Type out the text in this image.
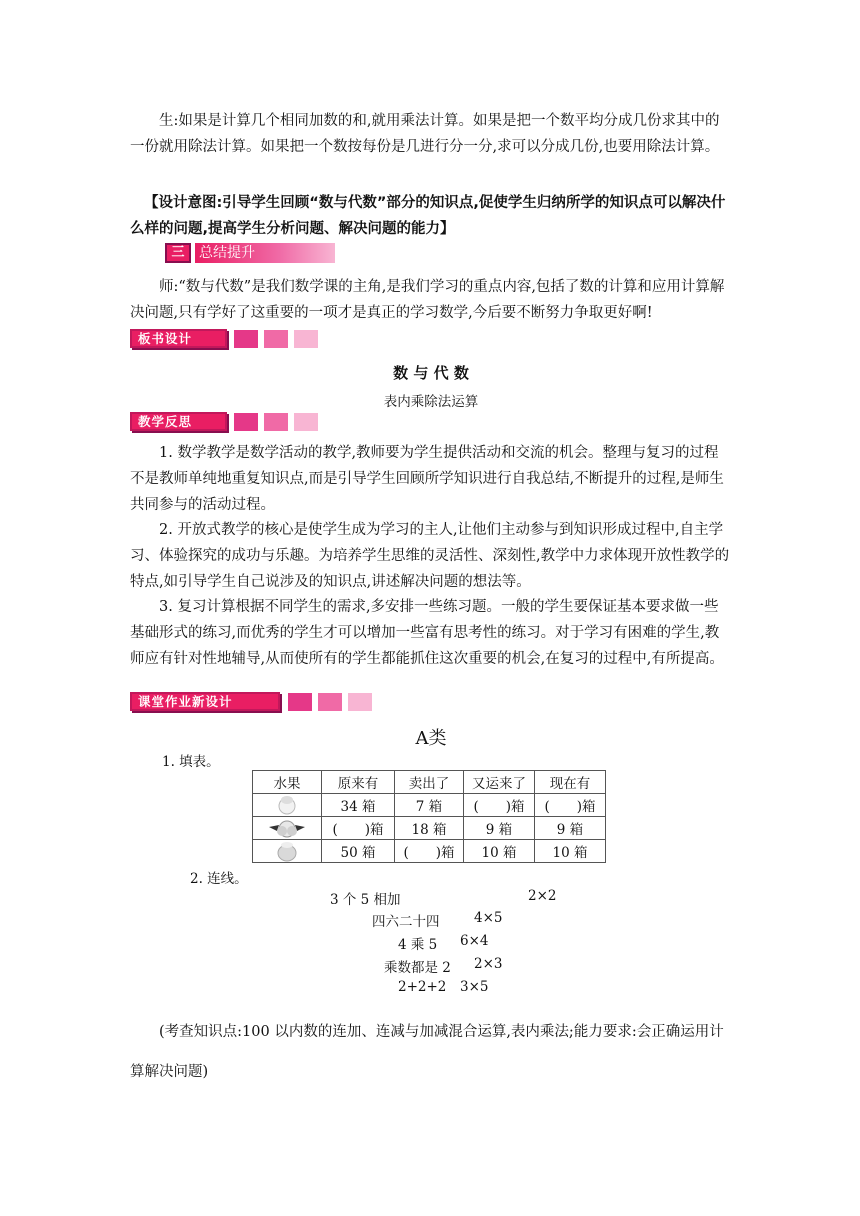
生:如果是计算几个相同加数的和,就用乘法计算。如果是把一个数平均分成几份求其中的一份就用除法计算。如果把一个数按每份是几进行分一分,求可以分成几份,也要用除法计算。

【设计意图:引导学生回顾“数与代数”部分的知识点,促使学生归纳所学的知识点可以解决什么样的问题,提高学生分析问题、解决问题的能力】

三	总结提升

师:“数与代数”是我们数学课的主角,是我们学习的重点内容,包括了数的计算和应用计算解决问题,只有学好了这重要的一项才是真正的学习数学,今后要不断努力争取更好啊!

板书设计
数 与 代 数
表内乘除法运算
教学反思

1. 数学教学是数学活动的教学,教师要为学生提供活动和交流的机会。整理与复习的过程不是教师单纯地重复知识点,而是引导学生回顾所学知识进行自我总结,不断提升的过程,是师生共同参与的活动过程。

2. 开放式教学的核心是使学生成为学习的主人,让他们主动参与到知识形成过程中,自主学习、体验探究的成功与乐趣。为培养学生思维的灵活性、深刻性,教学中力求体现开放性教学的特点,如引导学生自己说涉及的知识点,讲述解决问题的想法等。

3. 复习计算根据不同学生的需求,多安排一些练习题。一般的学生要保证基本要求做一些基础形式的练习,而优秀的学生才可以增加一些富有思考性的练习。对于学习有困难的学生,教师应有针对性地辅导,从而使所有的学生都能抓住这次重要的机会,在复习的过程中,有所提高。

课堂作业新设计
A类
1. 填表。
水果	原来有	卖出了	又运来了	现在有
	34 箱	7 箱	(　　)箱	(　　)箱
	(　　)箱	18 箱	9 箱	9 箱
	50 箱	(　　)箱	10 箱	10 箱
2. 连线。
3 个 5 相加	2×2
四六二十四	4×5
4 乘 5 6×4
乘数都是 2 2×3
2+2+2 3×5

(考查知识点:100 以内数的连加、连减与加减混合运算,表内乘法;能力要求:会正确运用计算解决问题)
